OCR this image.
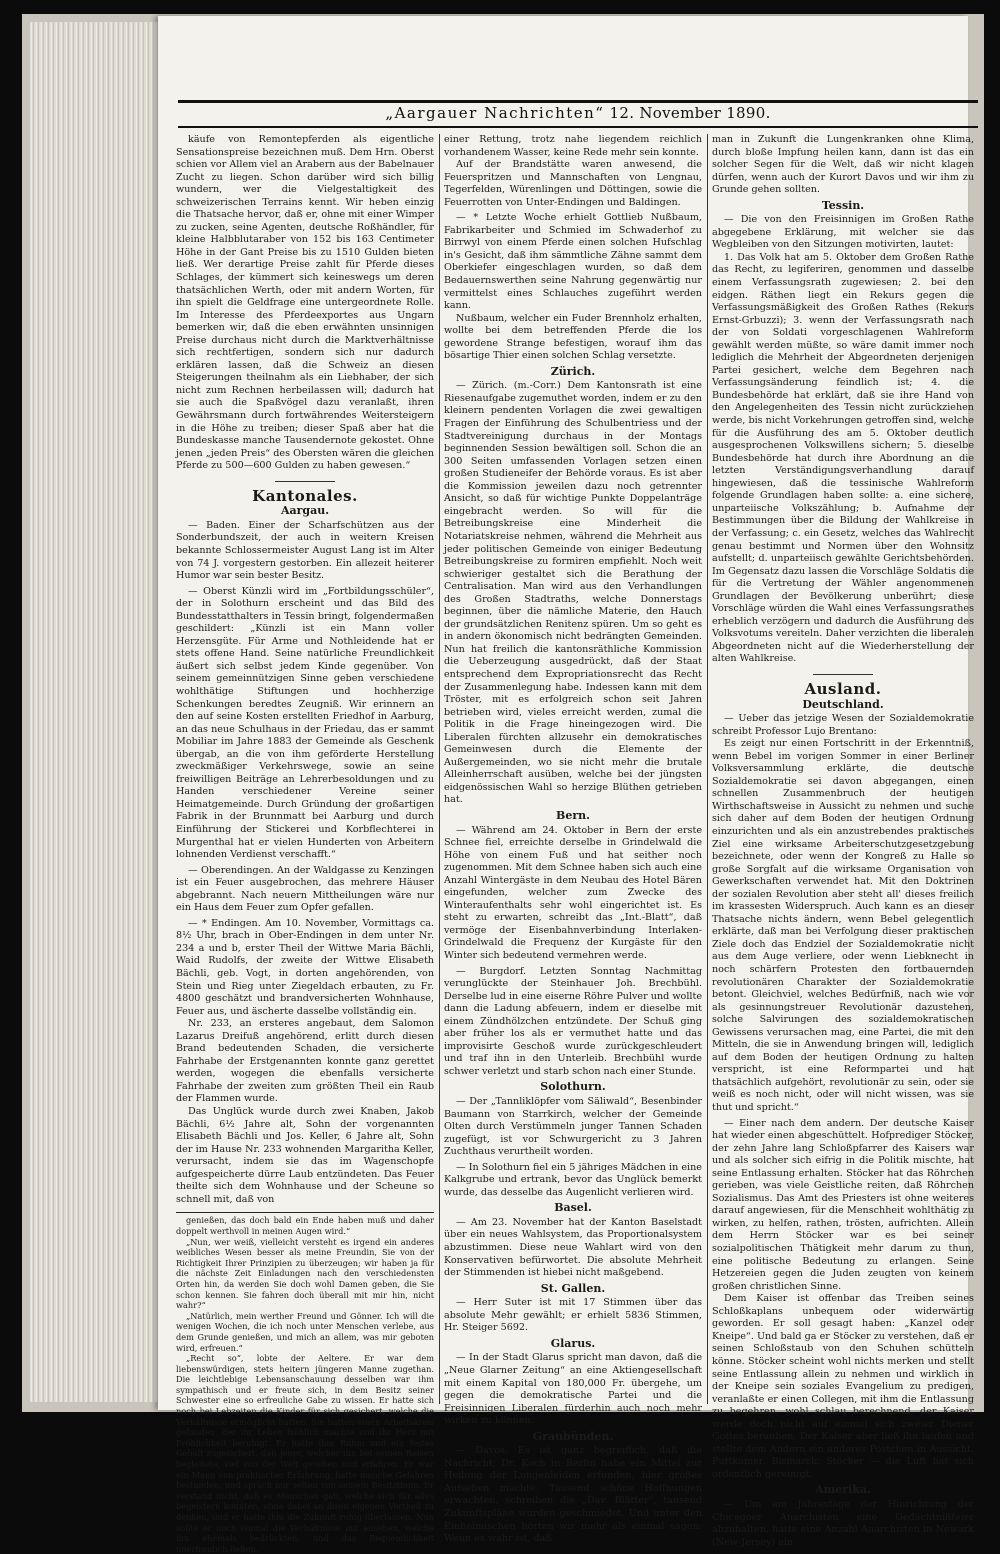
„Aargauer Nachrichten“ 12. November 1890.

käufe von Remontepferden als eigentliche Sensationspreise bezeichnen muß. Dem Hrn. Oberst schien vor Allem viel an Arabern aus der Babelnauer Zucht zu liegen. Schon darüber wird sich billig wundern, wer die Vielgestaltigkeit des schweizerischen Terrains kennt. Wir heben einzig die Thatsache hervor, daß er, ohne mit einer Wimper zu zucken, seine Agenten, deutsche Roßhändler, für kleine Halbblutaraber von 152 bis 163 Centimeter Höhe in der Gant Preise bis zu 1510 Gulden bieten ließ. Wer derartige Preise zahlt für Pferde dieses Schlages, der kümmert sich keineswegs um deren thatsächlichen Werth, oder mit andern Worten, für ihn spielt die Geldfrage eine untergeordnete Rolle. Im Interesse des Pferdeexportes aus Ungarn bemerken wir, daß die eben erwähnten unsinnigen Preise durchaus nicht durch die Marktverhältnisse sich rechtfertigen, sondern sich nur dadurch erklären lassen, daß die Schweiz an diesen Steigerungen theilnahm als ein Liebhaber, der sich nicht zum Rechnen herbeilassen will; dadurch hat sie auch die Spaßvögel dazu veranlaßt, ihren Gewährsmann durch fortwährendes Weitersteigern in die Höhe zu treiben; dieser Spaß aber hat die Bundeskasse manche Tausendernote gekostet. Ohne jenen „jeden Preis“ des Obersten wären die gleichen Pferde zu 500—600 Gulden zu haben gewesen.“

Kantonales.
Aargau.

— Baden. Einer der Scharfschützen aus der Sonderbundszeit, der auch in weitern Kreisen bekannte Schlossermeister August Lang ist im Alter von 74 J. vorgestern gestorben. Ein allezeit heiterer Humor war sein bester Besitz.

— Oberst Künzli wird im „Fortbildungsschüler“, der in Solothurn erscheint und das Bild des Bundesstatthalters in Tessin bringt, folgendermaßen geschildert: „Künzli ist ein Mann voller Herzensgüte. Für Arme und Nothleidende hat er stets offene Hand. Seine natürliche Freundlichkeit äußert sich selbst jedem Kinde gegenüber. Von seinem gemeinnützigen Sinne geben verschiedene wohlthätige Stiftungen und hochherzige Schenkungen beredtes Zeugniß. Wir erinnern an den auf seine Kosten erstellten Friedhof in Aarburg, an das neue Schulhaus in der Friedau, das er sammt Mobiliar im Jahre 1883 der Gemeinde als Geschenk übergab, an die von ihm geförderte Herstellung zweckmäßiger Verkehrswege, sowie an seine freiwilligen Beiträge an Lehrerbesoldungen und zu Handen verschiedener Vereine seiner Heimatgemeinde. Durch Gründung der großartigen Fabrik in der Brunnmatt bei Aarburg und durch Einführung der Stickerei und Korbflechterei in Murgenthal hat er vielen Hunderten von Arbeitern lohnenden Verdienst verschafft.“

— Oberendingen. An der Waldgasse zu Kenzingen ist ein Feuer ausgebrochen, das mehrere Häuser abgebrannt. Nach neuern Mittheilungen wäre nur ein Haus dem Feuer zum Opfer gefallen.

— * Endingen. Am 10. November, Vormittags ca. 8½ Uhr, brach in Ober-Endingen in dem unter Nr. 234 a und b, erster Theil der Wittwe Maria Bächli, Waid Rudolfs, der zweite der Wittwe Elisabeth Bächli, geb. Vogt, in dorten angehörenden, von Stein und Rieg unter Ziegeldach erbauten, zu Fr. 4800 geschätzt und brandversicherten Wohnhause, Feuer aus, und äscherte dasselbe vollständig ein.

Nr. 233, an ersteres angebaut, dem Salomon Lazarus Dreifuß angehörend, erlitt durch diesen Brand bedeutenden Schaden, die versicherte Fahrhabe der Erstgenannten konnte ganz gerettet werden, wogegen die ebenfalls versicherte Fahrhabe der zweiten zum größten Theil ein Raub der Flammen wurde.

Das Unglück wurde durch zwei Knaben, Jakob Bächli, 6½ Jahre alt, Sohn der vorgenannten Elisabeth Bächli und Jos. Keller, 6 Jahre alt, Sohn der im Hause Nr. 233 wohnenden Margaritha Keller, verursacht, indem sie das im Wagenschopfe aufgespeicherte dürre Laub entzündeten. Das Feuer theilte sich dem Wohnhause und der Scheune so schnell mit, daß von

genießen, das doch bald ein Ende haben muß und daher doppelt werthvoll in meinen Augen wird.“

„Nun, wer weiß, vielleicht versteht es irgend ein anderes weibliches Wesen besser als meine Freundin, Sie von der Richtigkeit Ihrer Prinzipien zu überzeugen; wir haben ja für die nächste Zeit Einladungen nach den verschiedensten Orten hin, da werden Sie doch wohl Damen geben, die Sie schon kennen. Sie fahren doch überall mit mir hin, nicht wahr?“

„Natürlich, mein werther Freund und Gönner. Ich will die wenigen Wochen, die ich noch unter Menschen verlebe, aus dem Grunde genießen, und mich an allem, was mir geboten wird, erfreuen.“

„Recht so“, lobte der Aeltere. Er war dem liebenswürdigen, stets heitern jüngeren Manne zugethan. Die leichtlebige Lebensanschauung desselben war ihm sympathisch und er freute sich, in dem Besitz seiner Schwester eine so erfreuliche Gabe zu wissen. Er hatte sich noch bei Lebzeiten die Kinder für sich gesichert, welche die Verhältnisse ermöglicht hatten. Sie hatten einen Arbeitskreis gefunden, der ihr Leben fröhlich machte und ihr Herz mit Fröhlichkeit beruhigt. Er hatte ihm Ruhm und ein festes Gehalt zugesichert, daß jener, welcher ihn bei seinen Reisen begleitete, viel von der Welt gesehen und erfahren. Er war ein Mann von praktischer Erfahrung, hatte manche Gefahren bestanden, und sprach nur selten von seinem Besitzthum. Er verstand nicht, daß es Menschen gab, welche sich für alles begeistern konnten, ohne dabei an ihren eigenen Vortheil zu denken, und er hatte ihm die Zukunft ruhig überlassen. Nun sollte er noch einmal die Verhältnisse mit ansehen, welche ihn ehemals bedrückten, und das Bequemlichkeit unerfreulich ließen.

einer Rettung, trotz nahe liegendem reichlich vorhandenem Wasser, keine Rede mehr sein konnte.

Auf der Brandstätte waren anwesend, die Feuerspritzen und Mannschaften von Lengnau, Tegerfelden, Würenlingen und Döttingen, sowie die Feuerrotten von Unter-Endingen und Baldingen.

— * Letzte Woche erhielt Gottlieb Nußbaum, Fabrikarbeiter und Schmied im Schwaderhof zu Birrwyl von einem Pferde einen solchen Hufschlag in's Gesicht, daß ihm sämmtliche Zähne sammt dem Oberkiefer eingeschlagen wurden, so daß dem Bedauernswerthen seine Nahrung gegenwärtig nur vermittelst eines Schlauches zugeführt werden kann.

Nußbaum, welcher ein Fuder Brennholz erhalten, wollte bei dem betreffenden Pferde die los gewordene Strange befestigen, worauf ihm das bösartige Thier einen solchen Schlag versetzte.

Zürich.

— Zürich. (m.-Corr.) Dem Kantonsrath ist eine Riesenaufgabe zugemuthet worden, indem er zu den kleinern pendenten Vorlagen die zwei gewaltigen Fragen der Einführung des Schulbentriess und der Stadtvereinigung durchaus in der Montags beginnenden Session bewältigen soll. Schon die an 300 Seiten umfassenden Vorlagen setzen einen großen Studieneifer der Behörde voraus. Es ist aber die Kommission jeweilen dazu noch getrennter Ansicht, so daß für wichtige Punkte Doppelanträge eingebracht werden. So will für die Betreibungskreise eine Minderheit die Notariatskreise nehmen, während die Mehrheit aus jeder politischen Gemeinde von einiger Bedeutung Betreibungskreise zu formiren empfiehlt. Noch weit schwieriger gestaltet sich die Berathung der Centralisation. Man wird aus den Verhandlungen des Großen Stadtraths, welche Donnerstags beginnen, über die nämliche Materie, den Hauch der grundsätzlichen Renitenz spüren. Um so geht es in andern ökonomisch nicht bedrängten Gemeinden. Nun hat freilich die kantonsräthliche Kommission die Ueberzeugung ausgedrückt, daß der Staat entsprechend dem Expropriationsrecht das Recht der Zusammenlegung habe. Indessen kann mit dem Tröster, mit es erfolgreich schon seit Jahren betrieben wird, vieles erreicht werden, zumal die Politik in die Frage hineingezogen wird. Die Liberalen fürchten allzusehr ein demokratisches Gemeinwesen durch die Elemente der Außergemeinden, wo sie nicht mehr die brutale Alleinherrschaft ausüben, welche bei der jüngsten eidgenössischen Wahl so herzige Blüthen getrieben hat.

Bern.

— Während am 24. Oktober in Bern der erste Schnee fiel, erreichte derselbe in Grindelwald die Höhe von einem Fuß und hat seither noch zugenommen. Mit dem Schnee haben sich auch eine Anzahl Wintergäste in dem Neubau des Hotel Bären eingefunden, welcher zum Zwecke des Winteraufenthalts sehr wohl eingerichtet ist. Es steht zu erwarten, schreibt das „Int.-Blatt“, daß vermöge der Eisenbahnverbindung Interlaken-Grindelwald die Frequenz der Kurgäste für den Winter sich bedeutend vermehren werde.

— Burgdorf. Letzten Sonntag Nachmittag verunglückte der Steinhauer Joh. Brechbühl. Derselbe lud in eine eiserne Röhre Pulver und wollte dann die Ladung abfeuern, indem er dieselbe mit einem Zündhölzchen entzündete. Der Schuß ging aber früher los als er vermuthet hatte und das improvisirte Geschoß wurde zurückgeschleudert und traf ihn in den Unterleib. Brechbühl wurde schwer verletzt und starb schon nach einer Stunde.

Solothurn.

— Der „Tannliklöpfer vom Säliwald“, Besenbinder Baumann von Starrkirch, welcher der Gemeinde Olten durch Verstümmeln junger Tannen Schaden zugefügt, ist vor Schwurgericht zu 3 Jahren Zuchthaus verurtheilt worden.

— In Solothurn fiel ein 5 jähriges Mädchen in eine Kalkgrube und ertrank, bevor das Unglück bemerkt wurde, das desselbe das Augenlicht verlieren wird.

Basel.

— Am 23. November hat der Kanton Baselstadt über ein neues Wahlsystem, das Proportionalsystem abzustimmen. Diese neue Wahlart wird von den Konservativen befürwortet. Die absolute Mehrheit der Stimmenden ist hiebei nicht maßgebend.

St. Gallen.

— Herr Suter ist mit 17 Stimmen über das absolute Mehr gewählt; er erhielt 5836 Stimmen, Hr. Steiger 5692.

Glarus.

— In der Stadt Glarus spricht man davon, daß die „Neue Glarner Zeitung“ an eine Aktiengesellschaft mit einem Kapital von 180,000 Fr. übergehe, um gegen die demokratische Partei und die Freisinnigen Liberalen fürderhin auch noch mehr wirken zu können.

Graubünden.

— Davos. Es ist ganz begreiflich, daß die Nachricht, Dr. Koch in Berlin habe ein Mittel zur Heilung der Lungenleiden erfunden, hier großes Aufsehen machte. Tausend schöne Hoffnungen erwachten, schreiben die „Dav. Blätter“, tausend Zukunftspläne wurden geschmiedet. Und unter den Einheimischen hörten wir mehr als einmal sagen: Wenn es wahr ist, daß

man in Zukunft die Lungenkranken ohne Klima, durch bloße Impfung heilen kann, dann ist das ein solcher Segen für die Welt, daß wir nicht klagen dürfen, wenn auch der Kurort Davos und wir ihm zu Grunde gehen sollten.

Tessin.

— Die von den Freisinnigen im Großen Rathe abgegebene Erklärung, mit welcher sie das Wegbleiben von den Sitzungen motivirten, lautet:

1. Das Volk hat am 5. Oktober dem Großen Rathe das Recht, zu legiferiren, genommen und dasselbe einem Verfassungsrath zugewiesen; 2. bei den eidgen. Räthen liegt ein Rekurs gegen die Verfassungsmäßigkeit des Großen Rathes (Rekurs Ernst-Grbuzzi); 3. wenn der Verfassungsrath nach der von Soldati vorgeschlagenen Wahlreform gewählt werden müßte, so wäre damit immer noch lediglich die Mehrheit der Abgeordneten derjenigen Partei gesichert, welche dem Begehren nach Verfassungsänderung feindlich ist; 4. die Bundesbehörde hat erklärt, daß sie ihre Hand von den Angelegenheiten des Tessin nicht zurückziehen werde, bis nicht Vorkehrungen getroffen sind, welche für die Ausführung des am 5. Oktober deutlich ausgesprochenen Volkswillens sichern; 5. dieselbe Bundesbehörde hat durch ihre Abordnung an die letzten Verständigungsverhandlung darauf hingewiesen, daß die tessinische Wahlreform folgende Grundlagen haben sollte: a. eine sichere, unparteiische Volkszählung; b. Aufnahme der Bestimmungen über die Bildung der Wahlkreise in der Verfassung; c. ein Gesetz, welches das Wahlrecht genau bestimmt und Normen über den Wohnsitz aufstellt; d. unparteiisch gewählte Gerichtsbehörden. Im Gegensatz dazu lassen die Vorschläge Soldatis die für die Vertretung der Wähler angenommenen Grundlagen der Bevölkerung unberührt; diese Vorschläge würden die Wahl eines Verfassungsrathes erheblich verzögern und dadurch die Ausführung des Volksvotums vereiteln. Daher verzichten die liberalen Abgeordneten nicht auf die Wiederherstellung der alten Wahlkreise.

Ausland.
Deutschland.

— Ueber das jetzige Wesen der Sozialdemokratie schreibt Professor Lujo Brentano:

Es zeigt nur einen Fortschritt in der Erkenntniß, wenn Bebel im vorigen Sommer in einer Berliner Volksversammlung erklärte, die deutsche Sozialdemokratie sei davon abgegangen, einen schnellen Zusammenbruch der heutigen Wirthschaftsweise in Aussicht zu nehmen und suche sich daher auf dem Boden der heutigen Ordnung einzurichten und als ein anzustrebendes praktisches Ziel eine wirksame Arbeiterschutzgesetzgebung bezeichnete, oder wenn der Kongreß zu Halle so große Sorgfalt auf die wirksame Organisation von Gewerkschaften verwendet hat. Mit den Doktrinen der sozialen Revolution aber steht all' dieses freilich im krassesten Widerspruch. Auch kann es an dieser Thatsache nichts ändern, wenn Bebel gelegentlich erklärte, daß man bei Verfolgung dieser praktischen Ziele doch das Endziel der Sozialdemokratie nicht aus dem Auge verliere, oder wenn Liebknecht in noch schärfern Protesten den fortbauernden revolutionären Charakter der Sozialdemokratie betont. Gleichviel, welches Bedürfniß, nach wie vor als gesinnungstreuer Revolutionär dazustehen, solche Salvirungen des sozialdemokratischen Gewissens verursachen mag, eine Partei, die mit den Mitteln, die sie in Anwendung bringen will, lediglich auf dem Boden der heutigen Ordnung zu halten verspricht, ist eine Reformpartei und hat thatsächlich aufgehört, revolutionär zu sein, oder sie weiß es noch nicht, oder will nicht wissen, was sie thut und spricht.“

— Einer nach dem andern. Der deutsche Kaiser hat wieder einen abgeschüttelt. Hofprediger Stöcker, der zehn Jahre lang Schloßpfarrer des Kaisers war und als solcher sich eifrig in die Politik mischte, hat seine Entlassung erhalten. Stöcker hat das Röhrchen gerieben, was viele Geistliche reiten, daß Röhrchen Sozialismus. Das Amt des Priesters ist ohne weiteres darauf angewiesen, für die Menschheit wohlthätig zu wirken, zu helfen, rathen, trösten, aufrichten. Allein dem Herrn Stöcker war es bei seiner sozialpolitischen Thätigkeit mehr darum zu thun, eine politische Bedeutung zu erlangen. Seine Hetzereien gegen die Juden zeugten von keinem großen christlichen Sinne.

Dem Kaiser ist offenbar das Treiben seines Schloßkaplans unbequem oder widerwärtig geworden. Er soll gesagt haben: „Kanzel oder Kneipe“. Und bald ga er Stöcker zu verstehen, daß er seinen Schloßstaub von den Schuhen schütteln könne. Stöcker scheint wohl nichts merken und stellt seine Entlassung allein zu nehmen und wirklich in der Kneipe sein soziales Evangelium zu predigen, veranlaßte er einen Collegen, mit ihm die Entlassung zu begehren, wohl schlau berechnend, der Kaiser werde doch nicht auf einmal sich zweier Diener Gottes berauben. Der Kaiser aber ließ ihn laufen und stellte dem Andern ein anderes Pöstchen in Aussicht. Puttkamer, Bismarck, Stöcker — die Luft hat sich ordentlich gereinigt.

Amerika.

— Um am Jahrestage der Hinrichtung der Chicagoer Anarchisten eine Gedächtnißfeier abzuhalten, hatte eine Anzahl Anarchisten in Newark (New-Jersey) ein
